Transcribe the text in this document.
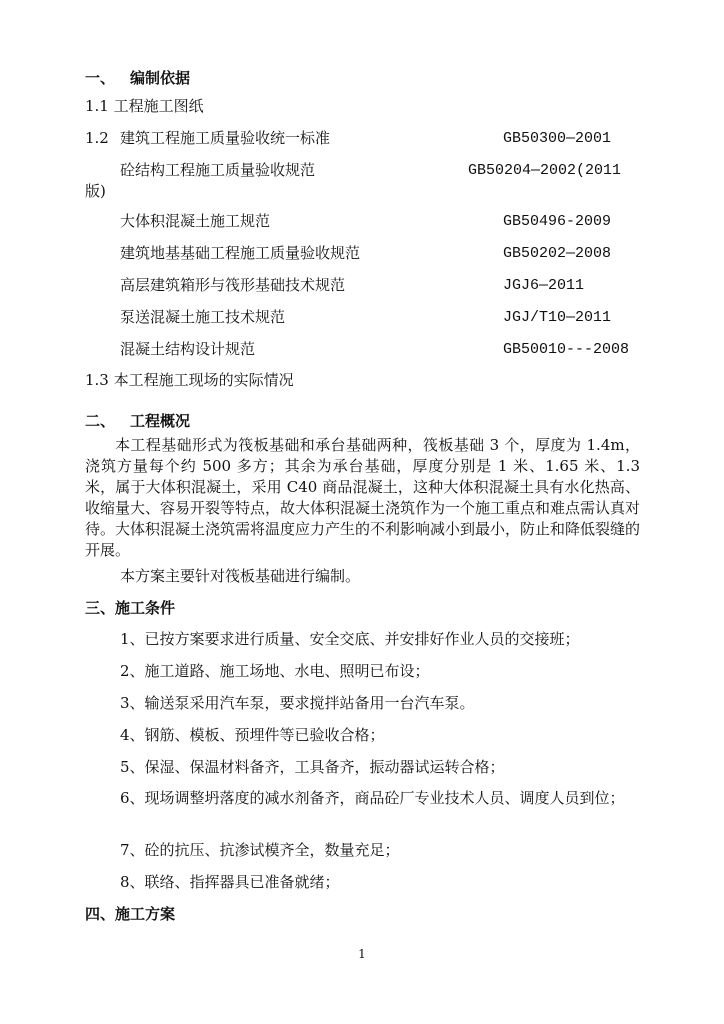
一、 编制依据
1.1 工程施工图纸
1.2 建筑工程施工质量验收统一标准	GB50300—2001
砼结构工程施工质量验收规范	GB50204—2002(2011
版)
大体积混凝土施工规范	GB50496-2009
建筑地基基础工程施工质量验收规范	GB50202—2008
高层建筑箱形与筏形基础技术规范	JGJ6—2011
泵送混凝土施工技术规范	JGJ/T10—2011
混凝土结构设计规范	GB50010---2008
1.3 本工程施工现场的实际情况
二、 工程概况
本工程基础形式为筏板基础和承台基础两种，筏板基础 3 个，厚度为 1.4m，浇筑方量每个约 500 多方；其余为承台基础，厚度分别是 1 米、1.65 米、1.3 米，属于大体积混凝土，采用 C40 商品混凝土，这种大体积混凝土具有水化热高、收缩量大、容易开裂等特点，故大体积混凝土浇筑作为一个施工重点和难点需认真对待。大体积混凝土浇筑需将温度应力产生的不利影响减小到最小，防止和降低裂缝的开展。
本方案主要针对筏板基础进行编制。
三、施工条件
1、已按方案要求进行质量、安全交底、并安排好作业人员的交接班；
2、施工道路、施工场地、水电、照明已布设；
3、输送泵采用汽车泵，要求搅拌站备用一台汽车泵。
4、钢筋、模板、预埋件等已验收合格；
5、保湿、保温材料备齐，工具备齐，振动器试运转合格；
6、现场调整坍落度的减水剂备齐，商品砼厂专业技术人员、调度人员到位；
7、砼的抗压、抗渗试模齐全，数量充足；
8、联络、指挥器具已准备就绪；
四、施工方案
1
